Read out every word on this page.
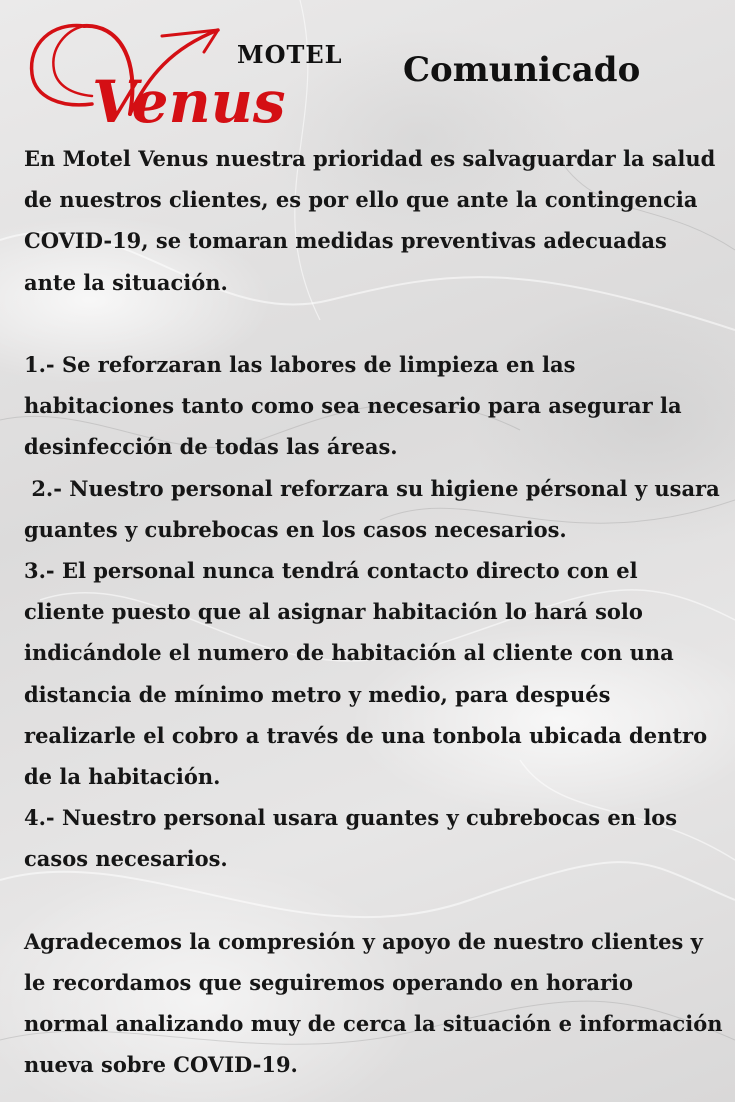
Venus
MOTEL Comunicado

En Motel Venus nuestra prioridad es salvaguardar la salud de nuestros clientes, es por ello que ante la contingencia COVID-19, se tomaran medidas preventivas adecuadas ante la situación.

1.- Se reforzaran las labores de limpieza en las habitaciones tanto como sea necesario para asegurar la desinfección de todas las áreas.

2.- Nuestro personal reforzara su higiene pérsonal y usara guantes y cubrebocas en los casos necesarios.

3.- El personal nunca tendrá contacto directo con el cliente puesto que al asignar habitación lo hará solo indicándole el numero de habitación al cliente con una distancia de mínimo metro y medio, para después realizarle el cobro a través de una tonbola ubicada dentro de la habitación.

4.- Nuestro personal usara guantes y cubrebocas en los casos necesarios.

Agradecemos la compresión y apoyo de nuestro clientes y le recordamos que seguiremos operando en horario normal analizando muy de cerca la situación e información nueva sobre COVID-19.
